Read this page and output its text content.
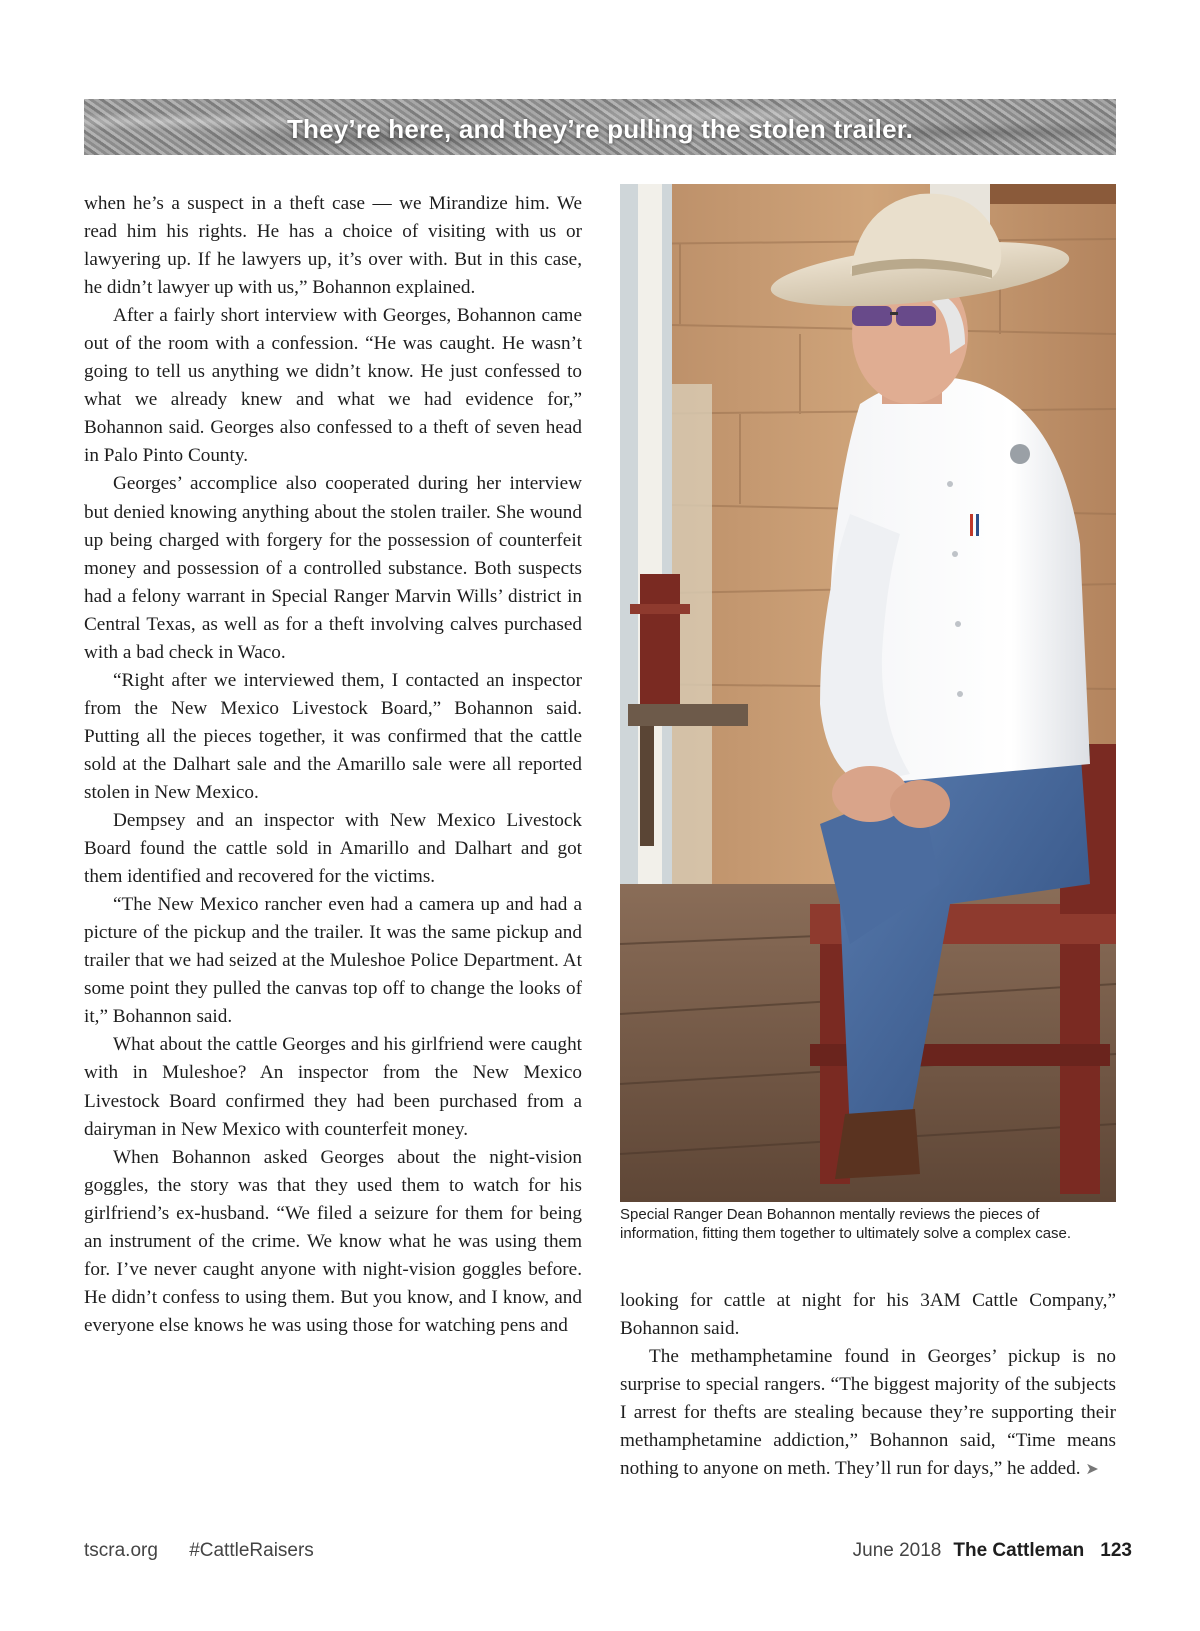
They’re here, and they’re pulling the stolen trailer.

when he’s a suspect in a theft case — we Mirandize him. We read him his rights. He has a choice of visiting with us or lawyering up. If he lawyers up, it’s over with. But in this case, he didn’t lawyer up with us,” Bohannon explained.

After a fairly short interview with Georges, Bohannon came out of the room with a confession. “He was caught. He wasn’t going to tell us anything we didn’t know. He just confessed to what we already knew and what we had evidence for,” Bohannon said. Georges also confessed to a theft of seven head in Palo Pinto County.

Georges’ accomplice also cooperated during her interview but denied knowing anything about the stolen trailer. She wound up being charged with forgery for the possession of counterfeit money and possession of a controlled substance. Both suspects had a felony warrant in Special Ranger Marvin Wills’ district in Central Texas, as well as for a theft involving calves purchased with a bad check in Waco.

“Right after we interviewed them, I contacted an inspector from the New Mexico Livestock Board,” Bohannon said. Putting all the pieces together, it was confirmed that the cattle sold at the Dalhart sale and the Amarillo sale were all reported stolen in New Mexico.

Dempsey and an inspector with New Mexico Livestock Board found the cattle sold in Amarillo and Dalhart and got them identified and recovered for the victims.

“The New Mexico rancher even had a camera up and had a picture of the pickup and the trailer. It was the same pickup and trailer that we had seized at the Muleshoe Police Department. At some point they pulled the canvas top off to change the looks of it,” Bohannon said.

What about the cattle Georges and his girlfriend were caught with in Muleshoe? An inspector from the New Mexico Livestock Board confirmed they had been purchased from a dairyman in New Mexico with counterfeit money.

When Bohannon asked Georges about the night-vision goggles, the story was that they used them to watch for his girlfriend’s ex-husband. “We filed a seizure for them for being an instrument of the crime. We know what he was using them for. I’ve never caught anyone with night-vision goggles before. He didn’t confess to using them. But you know, and I know, and everyone else knows he was using those for watching pens and

Special Ranger Dean Bohannon mentally reviews the pieces of information, fitting them together to ultimately solve a complex case.

looking for cattle at night for his 3AM Cattle Company,” Bohannon said.

The methamphetamine found in Georges’ pickup is no surprise to special rangers. “The biggest majority of the subjects I arrest for thefts are stealing because they’re supporting their methamphetamine addiction,” Bohannon said, “Time means nothing to anyone on meth. They’ll run for days,” he added. ➤

tscra.org #CattleRaisers	June 2018 The Cattleman 123
